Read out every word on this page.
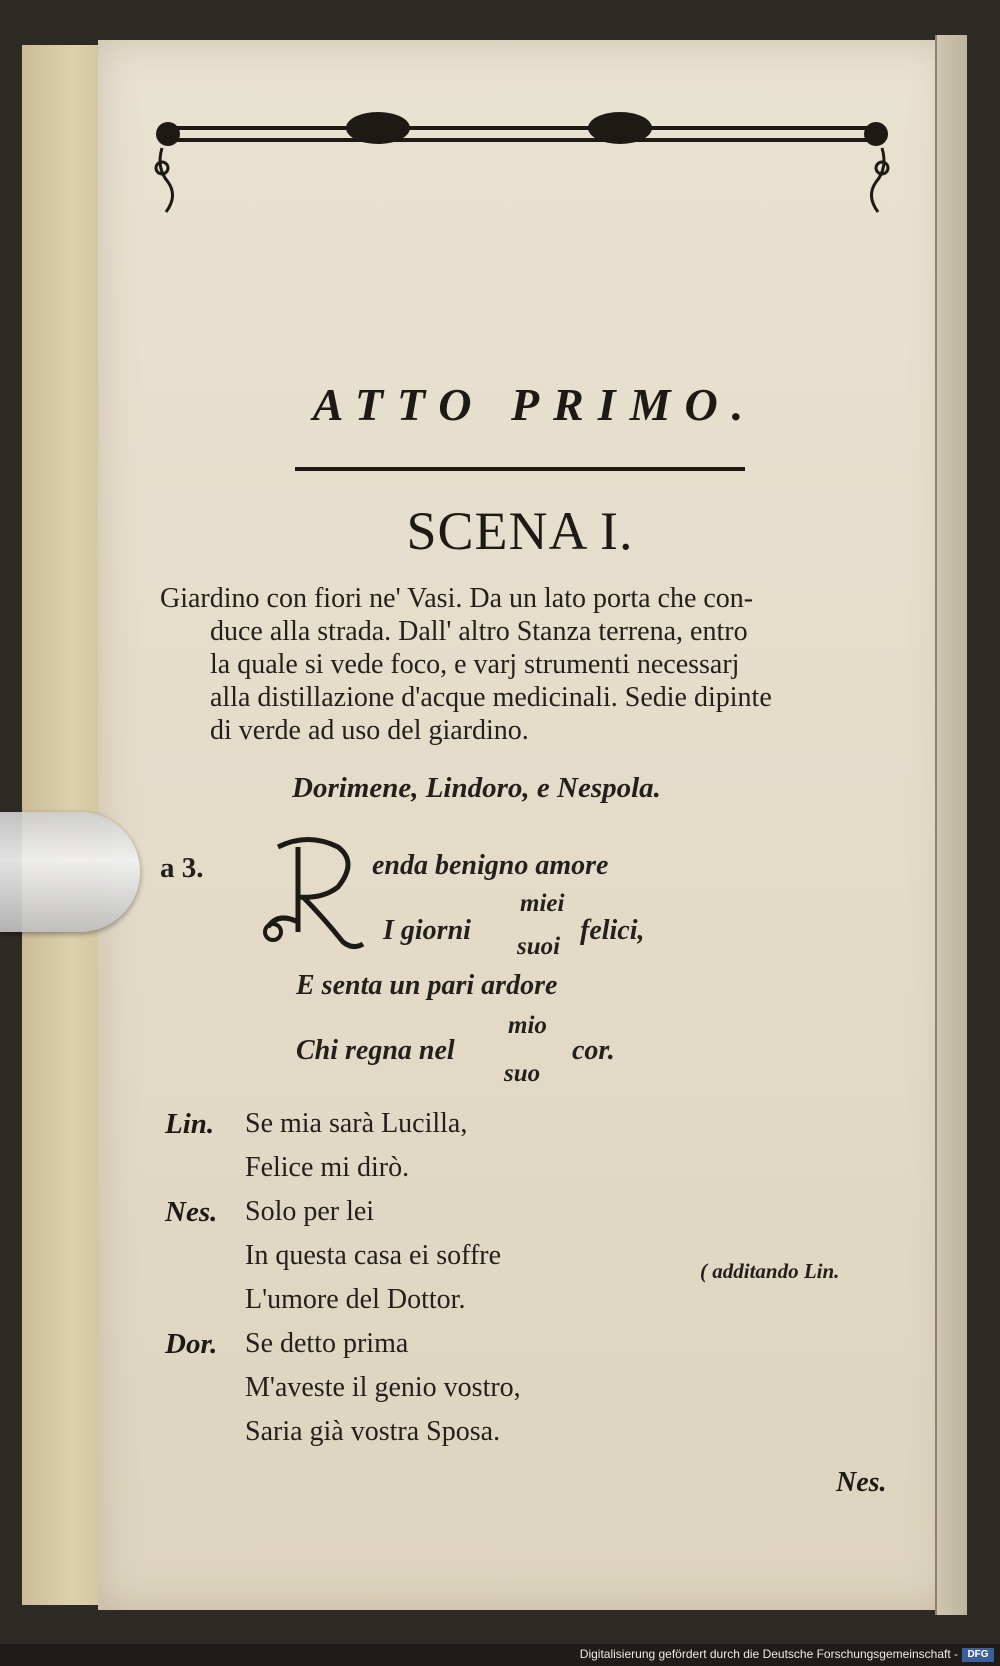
ATTO PRIMO.
SCENA I.
Giardino con fiori ne' Vasi. Da un lato porta che con-
duce alla strada. Dall' altro Stanza terrena, entro
la quale si vede foco, e varj strumenti necessarj
alla distillazione d'acque medicinali. Sedie dipinte
di verde ad uso del giardino.
Dorimene, Lindoro, e Nespola.
a 3.	enda benigno amore
I giorni
miei
suoi
felici,
E senta un pari ardore
Chi regna nel
mio
suo
cor.
Lin. Se mia sarà Lucilla,
Felice mi dirò.
Nes. Solo per lei
In questa casa ei soffre
L'umore del Dottor.
( additando Lin.
Dor. Se detto prima
M'aveste il genio vostro,
Saria già vostra Sposa.
Nes.
Digitalisierung gefördert durch die Deutsche Forschungsgemeinschaft - DFG
